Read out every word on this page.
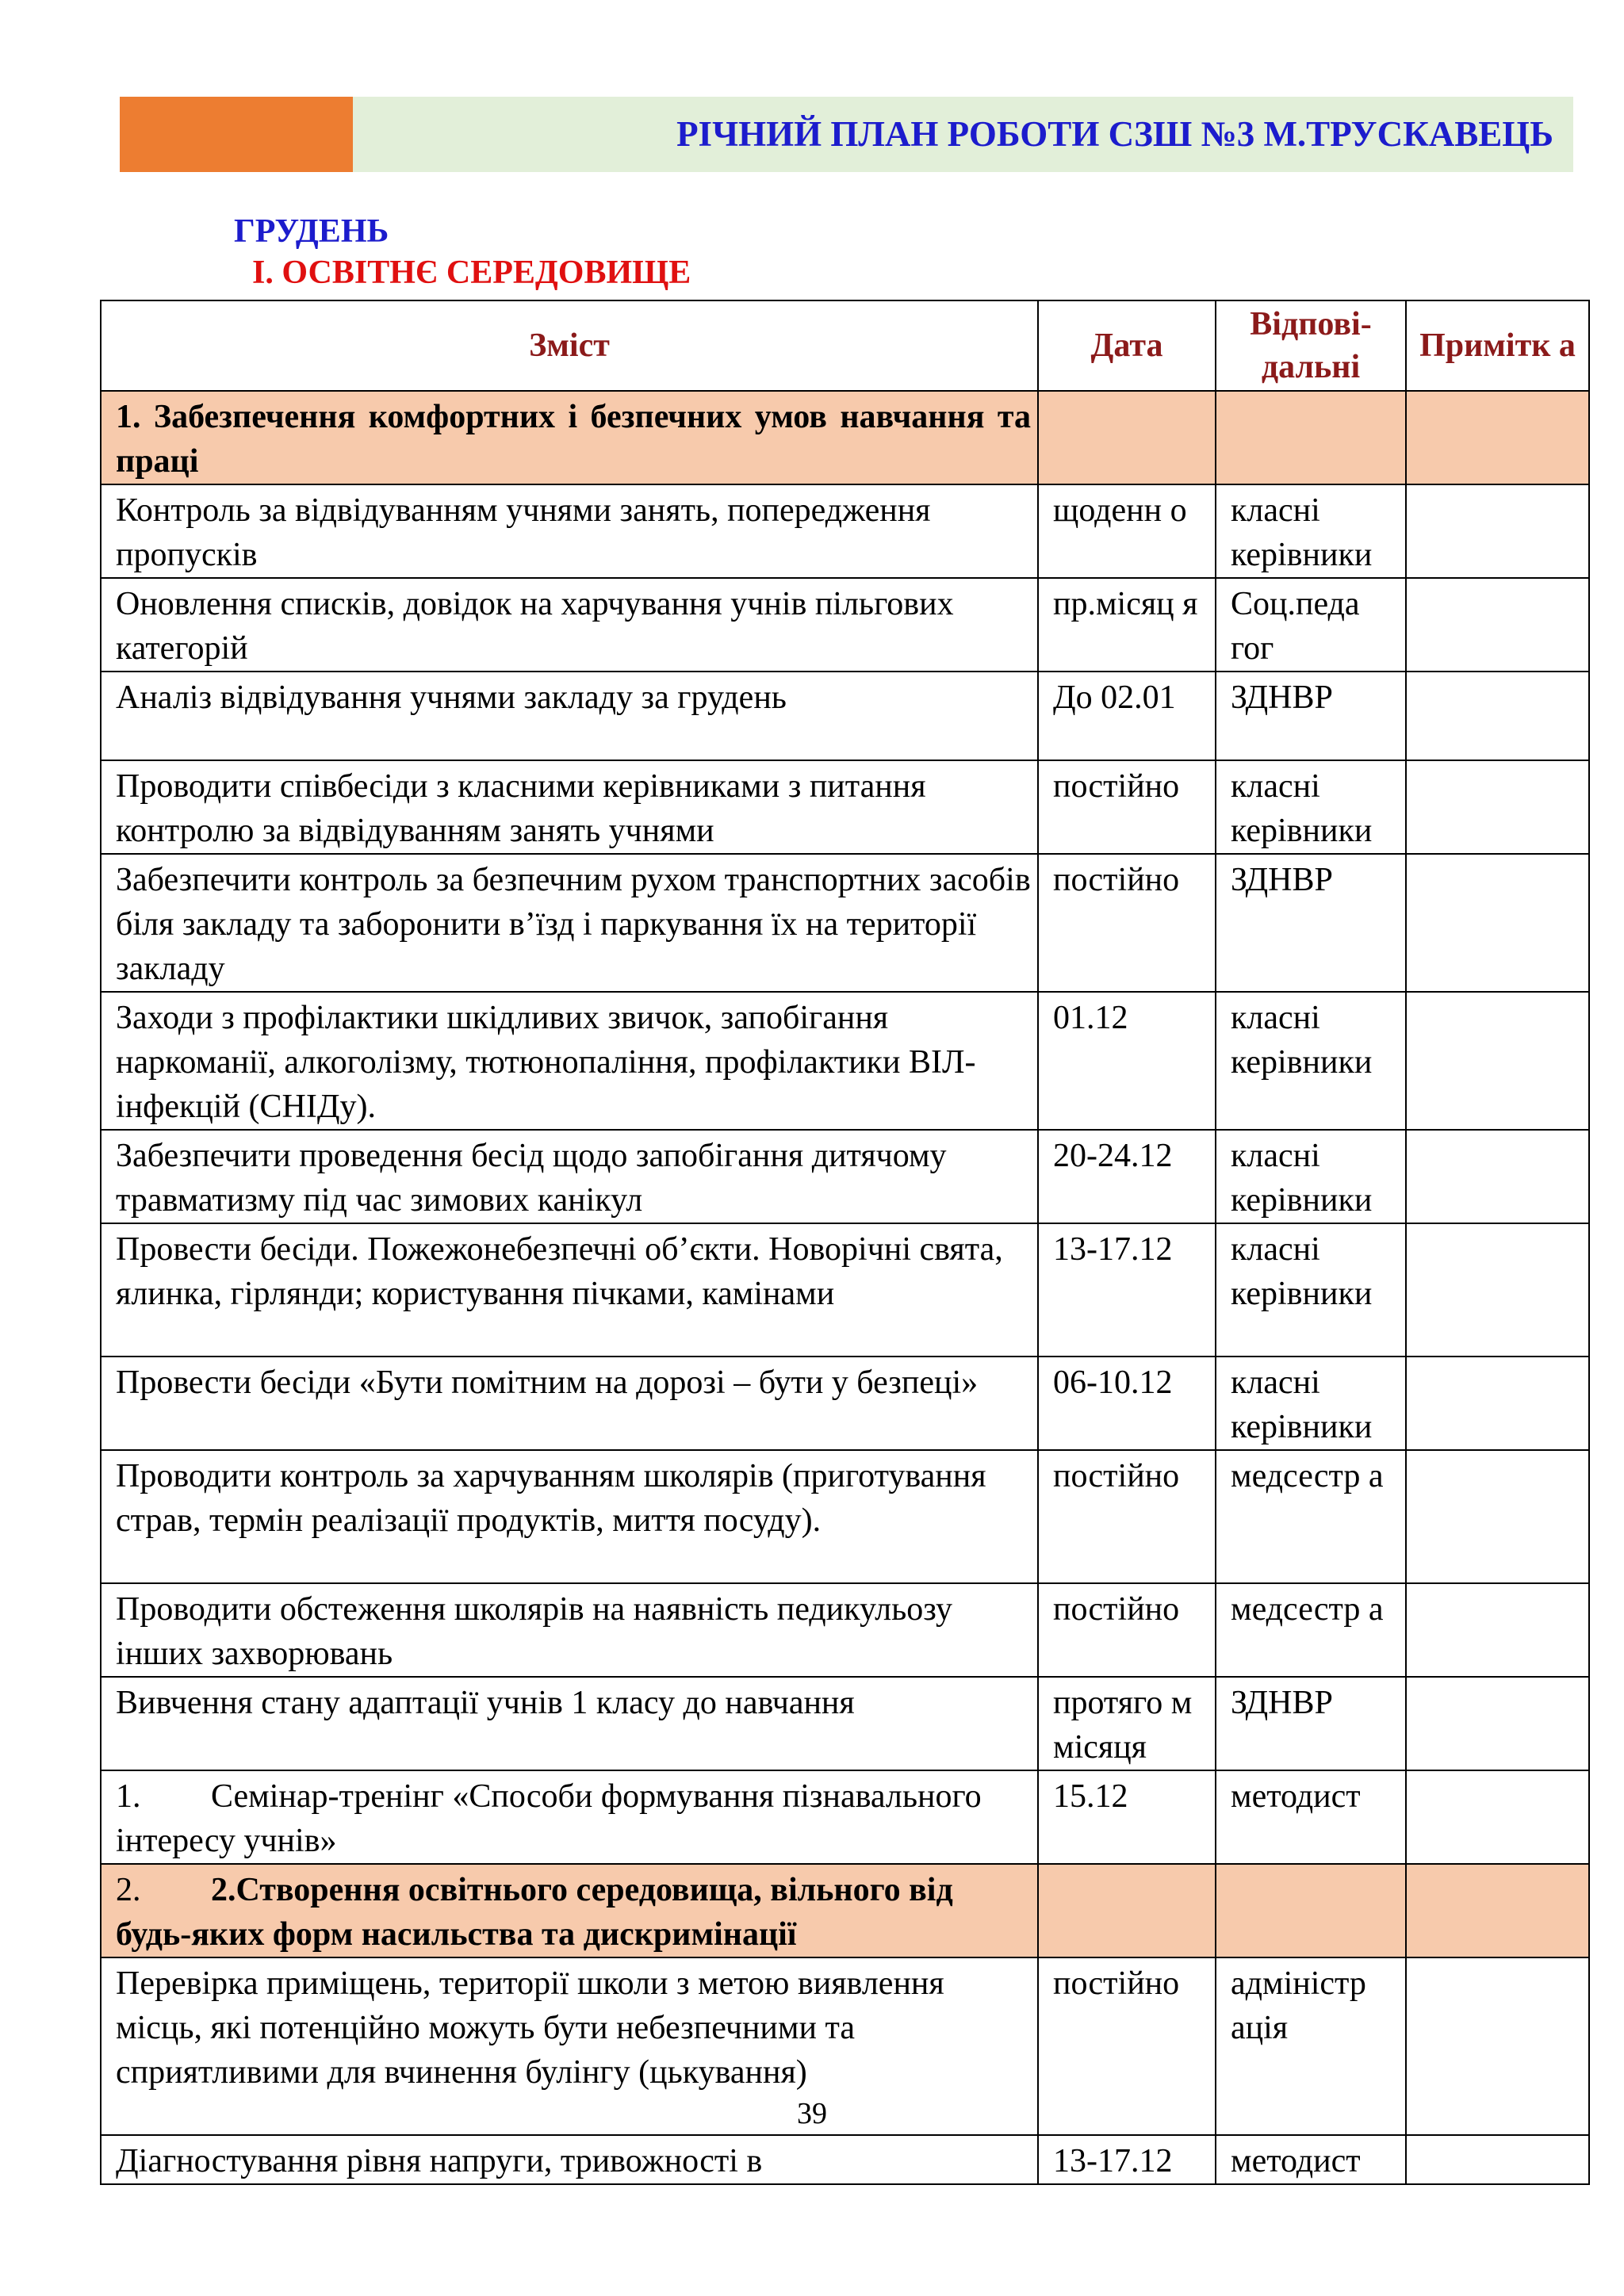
РІЧНИЙ ПЛАН РОБОТИ СЗШ №3 М.ТРУСКАВЕЦЬ
ГРУДЕНЬ
І. ОСВІТНЄ СЕРЕДОВИЩЕ
Зміст	Дата	Відпові-дальні	Примітк а

1. Забезпечення комфортних і безпечних умов навчання та праці			

Контроль за відвідуванням учнями занять, попередження пропусків	щоденн о	класні керівники	

Оновлення списків, довідок на харчування учнів пільгових категорій	пр.місяц я	Соц.педа гог	

Аналіз відвідування учнями закладу за грудень	До 02.01	ЗДНВР	

Проводити співбесіди з класними керівниками з питання контролю за відвідуванням занять учнями	постійно	класні керівники	

Забезпечити контроль за безпечним рухом транспортних засобів біля закладу та заборонити в’їзд і паркування їх на території закладу	постійно	ЗДНВР	

Заходи з профілактики шкідливих звичок, запобігання наркоманії, алкоголізму, тютюнопаління, профілактики ВІЛ-інфекцій (СНІДу).	01.12	класні керівники	

Забезпечити проведення бесід щодо запобігання дитячому травматизму під час зимових канікул	20-24.12	класні керівники	

Провести бесіди. Пожежонебезпечні об’єкти. Новорічні свята, ялинка, гірлянди; користування пічками, камінами	13-17.12	класні керівники	

Провести бесіди «Бути помітним на дорозі – бути у безпеці»	06-10.12	класні керівники	

Проводити контроль за харчуванням школярів (приготування страв, термін реалізації продуктів, миття посуду).	постійно	медсестр а	

Проводити обстеження школярів на наявність педикульозу інших захворювань	постійно	медсестр а	

Вивчення стану адаптації учнів 1 класу до навчання	протяго м місяця	ЗДНВР	

1. Семінар-тренінг «Способи формування пізнавального інтересу учнів»	15.12	методист	

2. 2.Створення освітнього середовища, вільного від будь-яких форм насильства та дискримінації			

Перевірка приміщень, території школи з метою виявлення місць, які потенційно можуть бути небезпечними та сприятливими для вчинення булінгу (цькування)	постійно	адміністр ація	

Діагностування рівня напруги, тривожності в	13-17.12	методист	

39
